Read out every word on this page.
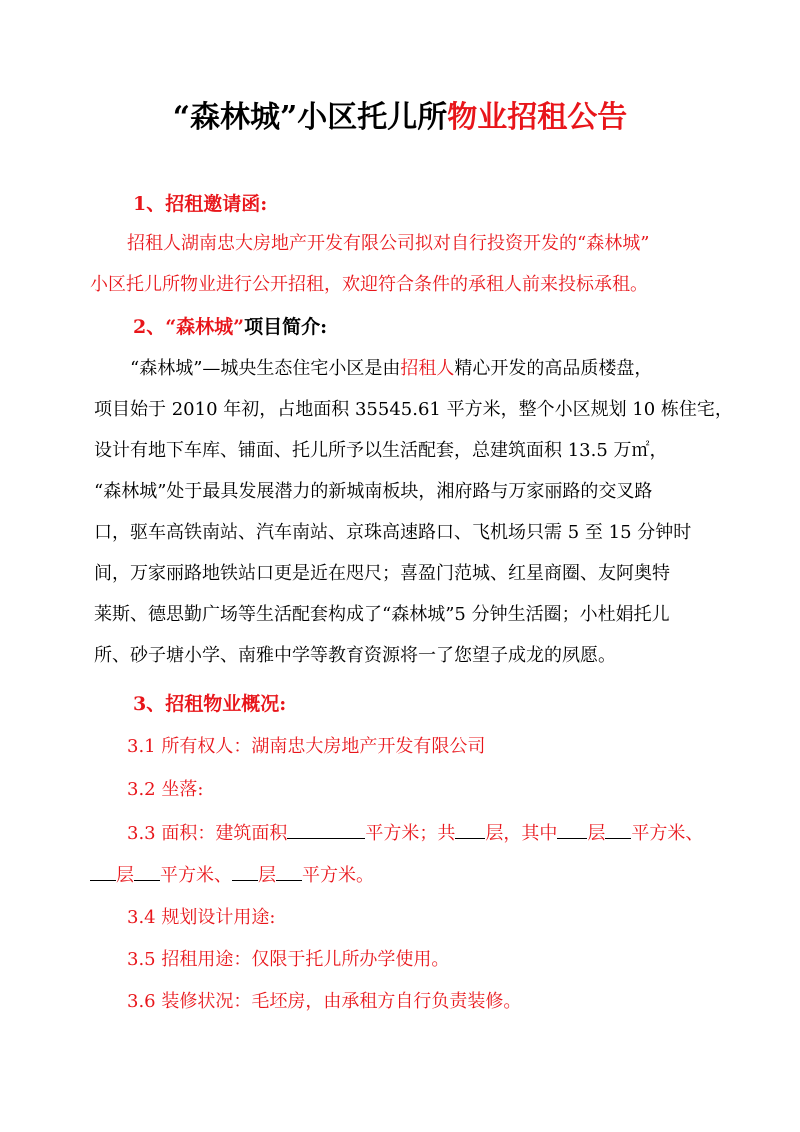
“森林城”小区托儿所物业招租公告
1、招租邀请函:
招租人湖南忠大房地产开发有限公司拟对自行投资开发的“森林城”
小区托儿所物业进行公开招租，欢迎符合条件的承租人前来投标承租。
2、“森林城”项目简介:
“森林城”—城央生态住宅小区是由招租人精心开发的高品质楼盘，
项目始于 2010 年初，占地面积 35545.61 平方米，整个小区规划 10 栋住宅，
设计有地下车库、铺面、托儿所予以生活配套，总建筑面积 13.5 万㎡，
“森林城”处于最具发展潜力的新城南板块，湘府路与万家丽路的交叉路
口，驱车高铁南站、汽车南站、京珠高速路口、飞机场只需 5 至 15 分钟时
间，万家丽路地铁站口更是近在咫尺；喜盈门范城、红星商圈、友阿奥特
莱斯、德思勤广场等生活配套构成了“森林城”5 分钟生活圈；小杜娟托儿
所、砂子塘小学、南雅中学等教育资源将一了您望子成龙的夙愿。
3、招租物业概况:
3.1 所有权人：湖南忠大房地产开发有限公司
3.2 坐落:
3.3 面积：建筑面积	平方米；共 层，其中 层 平方米、
层 平方米、 层 平方米。
3.4 规划设计用途:
3.5 招租用途：仅限于托儿所办学使用。
3.6 装修状况：毛坯房，由承租方自行负责装修。
